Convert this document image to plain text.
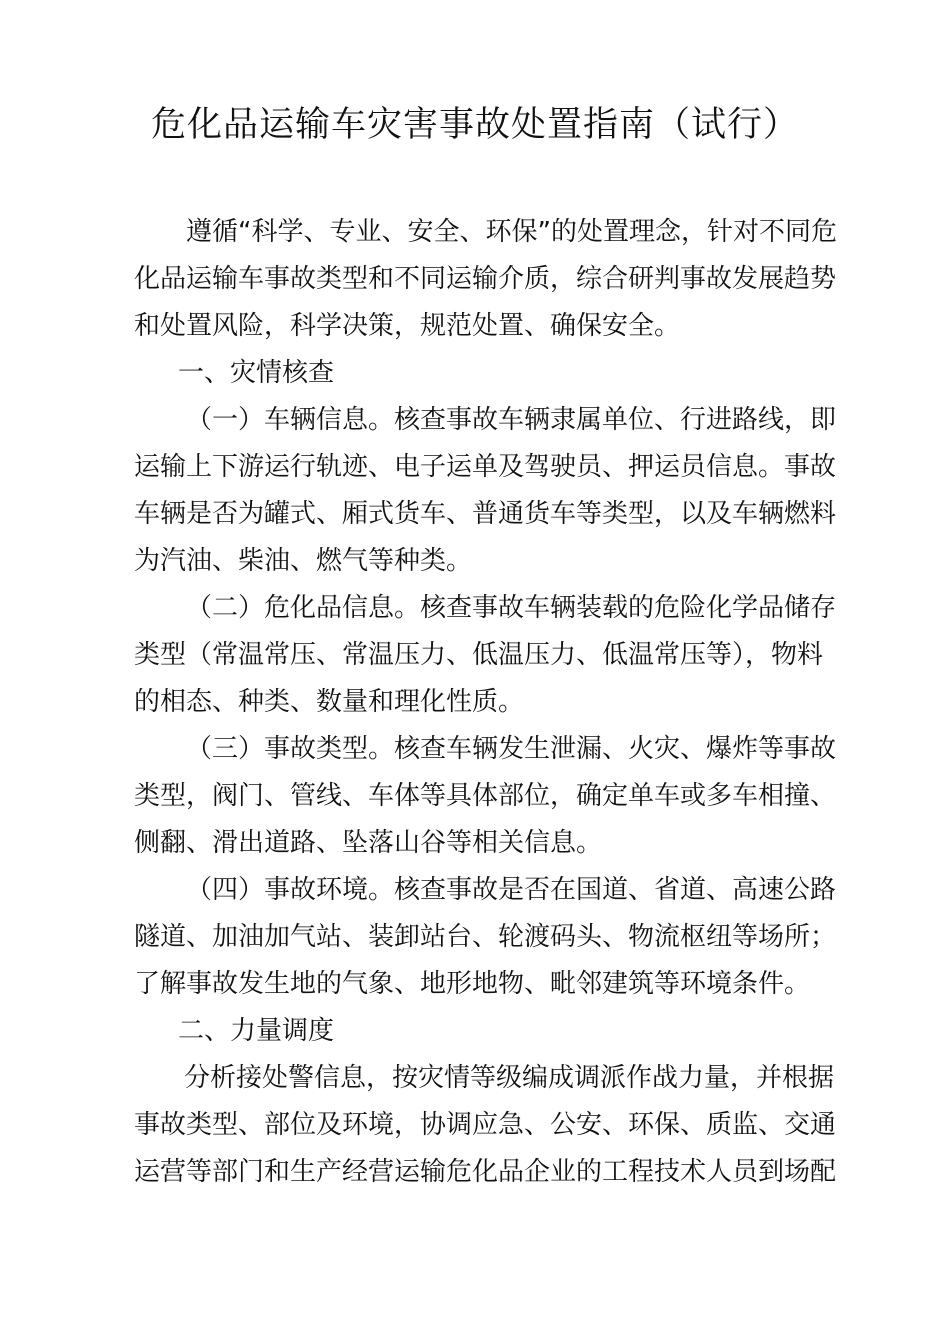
危化品运输车灾害事故处置指南（试行）

遵循“科学、专业、安全、环保”的处置理念，针对不同危
化品运输车事故类型和不同运输介质，综合研判事故发展趋势
和处置风险，科学决策，规范处置、确保安全。

一、灾情核查

（一）车辆信息。核查事故车辆隶属单位、行进路线，即
运输上下游运行轨迹、电子运单及驾驶员、押运员信息。事故
车辆是否为罐式、厢式货车、普通货车等类型，以及车辆燃料
为汽油、柴油、燃气等种类。

（二）危化品信息。核查事故车辆装载的危险化学品储存
类型（常温常压、常温压力、低温压力、低温常压等），物料
的相态、种类、数量和理化性质。

（三）事故类型。核查车辆发生泄漏、火灾、爆炸等事故
类型，阀门、管线、车体等具体部位，确定单车或多车相撞、
侧翻、滑出道路、坠落山谷等相关信息。

（四）事故环境。核查事故是否在国道、省道、高速公路
隧道、加油加气站、装卸站台、轮渡码头、物流枢纽等场所；
了解事故发生地的气象、地形地物、毗邻建筑等环境条件。

二、力量调度

分析接处警信息，按灾情等级编成调派作战力量，并根据
事故类型、部位及环境，协调应急、公安、环保、质监、交通
运营等部门和生产经营运输危化品企业的工程技术人员到场配
